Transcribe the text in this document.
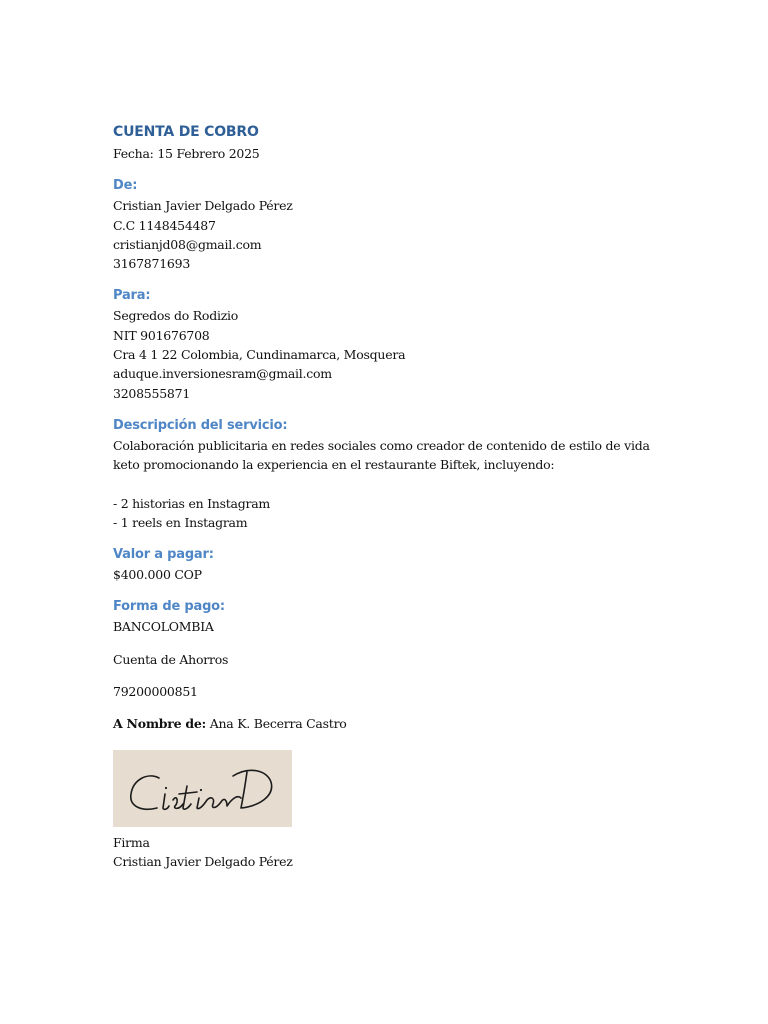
CUENTA DE COBRO

Fecha: 15 Febrero 2025

De:

Cristian Javier Delgado Pérez

C.C 1148454487

cristianjd08@gmail.com

3167871693

Para:

Segredos do Rodizio

NIT 901676708

Cra 4 1 22 Colombia, Cundinamarca, Mosquera

aduque.inversionesram@gmail.com

3208555871

Descripción del servicio:

Colaboración publicitaria en redes sociales como creador de contenido de estilo de vida keto promocionando la experiencia en el restaurante Biftek, incluyendo:

- 2 historias en Instagram

- 1 reels en Instagram

Valor a pagar:

$400.000 COP

Forma de pago:

BANCOLOMBIA

Cuenta de Ahorros

79200000851

A Nombre de: Ana K. Becerra Castro

Firma

Cristian Javier Delgado Pérez
